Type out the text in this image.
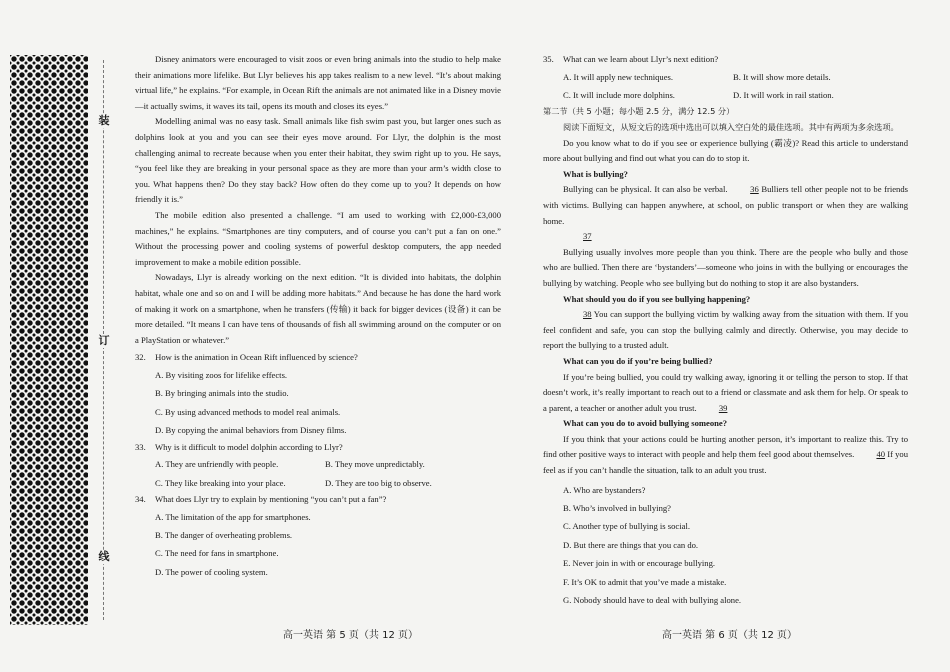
装
订
线

Disney animators were encouraged to visit zoos or even bring animals into the studio to help make their animations more lifelike. But Llyr believes his app takes realism to a new level. “It’s about making virtual life,” he explains. “For example, in Ocean Rift the animals are not animated like in a Disney movie—it actually swims, it waves its tail, opens its mouth and closes its eyes.”

Modelling animal was no easy task. Small animals like fish swim past you, but larger ones such as dolphins look at you and you can see their eyes move around. For Llyr, the dolphin is the most challenging animal to recreate because when you enter their habitat, they swim right up to you. He says, “you feel like they are breaking in your personal space as they are more than your arm’s width close to you. What happens then? Do they stay back? How often do they come up to you? It depends on how friendly it is.”

The mobile edition also presented a challenge. “I am used to working with £2,000-£3,000 machines,” he explains. “Smartphones are tiny computers, and of course you can’t put a fan on one.” Without the processing power and cooling systems of powerful desktop computers, the app needed improvement to make a mobile edition possible.

Nowadays, Llyr is already working on the next edition. “It is divided into habitats, the dolphin habitat, whale one and so on and I will be adding more habitats.” And because he has done the hard work of making it work on a smartphone, when he transfers (传输) it back for bigger devices (设备) it can be more detailed. “It means I can have tens of thousands of fish all swimming around on the computer or on a PlayStation or whatever.”

32. How is the animation in Ocean Rift influenced by science?

A. By visiting zoos for lifelike effects.

B. By bringing animals into the studio.

C. By using advanced methods to model real animals.

D. By copying the animal behaviors from Disney films.

33. Why is it difficult to model dolphin according to Llyr?

A. They are unfriendly with people.	B. They move unpredictably.
C. They like breaking into your place.	D. They are too big to observe.

34. What does Llyr try to explain by mentioning “you can’t put a fan”?

A. The limitation of the app for smartphones.

B. The danger of overheating problems.

C. The need for fans in smartphone.

D. The power of cooling system.

高一英语 第 5 页（共 12 页）

35. What can we learn about Llyr’s next edition?

A. It will apply new techniques.	B. It will show more details.
C. It will include more dolphins.	D. It will work in rail station.

第二节（共 5 小题；每小题 2.5 分，满分 12.5 分）

阅读下面短文，从短文后的选项中选出可以填入空白处的最佳选项。其中有两项为多余选项。

Do you know what to do if you see or experience bullying (霸凌)? Read this article to understand more about bullying and find out what you can do to stop it.

What is bullying?

Bullying can be physical. It can also be verbal.	36 Bulliers tell other people not to be friends with victims. Bullying can happen anywhere, at school, on public transport or when they are walking home.

37

Bullying usually involves more people than you think. There are the people who bully and those who are bullied. Then there are ‘bystanders’—someone who joins in with the bullying or encourages the bullying by watching. People who see bullying but do nothing to stop it are also bystanders.

What should you do if you see bullying happening?

38 You can support the bullying victim by walking away from the situation with them. If you feel confident and safe, you can stop the bullying calmly and directly. Otherwise, you may decide to report the bullying to a trusted adult.

What can you do if you’re being bullied?

If you’re being bullied, you could try walking away, ignoring it or telling the person to stop. If that doesn’t work, it’s really important to reach out to a friend or classmate and ask them for help. Or speak to a parent, a teacher or another adult you trust.	39

What can you do to avoid bullying someone?

If you think that your actions could be hurting another person, it’s important to realize this. Try to find other positive ways to interact with people and help them feel good about themselves.	40 If you feel as if you can’t handle the situation, talk to an adult you trust.

A. Who are bystanders?

B. Who’s involved in bullying?

C. Another type of bullying is social.

D. But there are things that you can do.

E. Never join in with or encourage bullying.

F. It’s OK to admit that you’ve made a mistake.

G. Nobody should have to deal with bullying alone.

高一英语 第 6 页（共 12 页）
